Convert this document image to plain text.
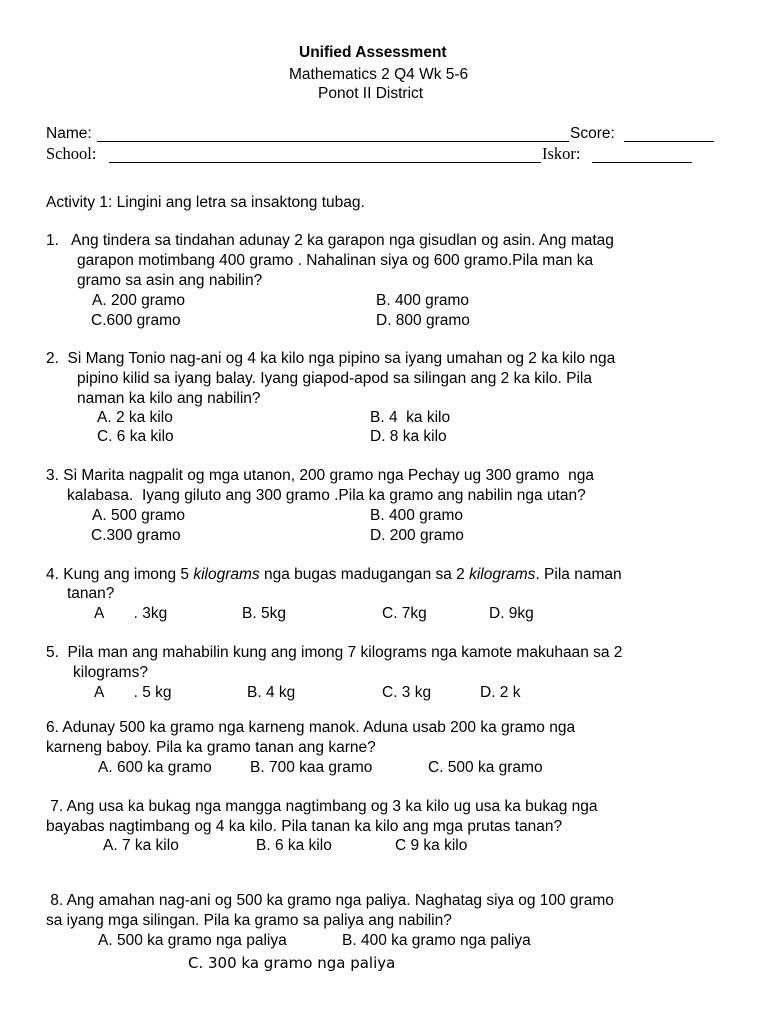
Unified Assessment
Mathematics 2 Q4 Wk 5-6
Ponot II District
Name:	Score:
School:	Iskor:
Activity 1: Lingini ang letra sa insaktong tubag.
1.   Ang tindera sa tindahan adunay 2 ka garapon nga gisudlan og asin. Ang matag
garapon motimbang 400 gramo . Nahalinan siya og 600 gramo.Pila man ka
gramo sa asin ang nabilin?
A. 200 gramo	B. 400 gramo
C.600 gramo	D. 800 gramo
2.  Si Mang Tonio nag-ani og 4 ka kilo nga pipino sa iyang umahan og 2 ka kilo nga
pipino kilid sa iyang balay. Iyang giapod-apod sa silingan ang 2 ka kilo. Pila
naman ka kilo ang nabilin?
A. 2 ka kilo	B. 4  ka kilo
C. 6 ka kilo	D. 8 ka kilo
3. Si Marita nagpalit og mga utanon, 200 gramo nga Pechay ug 300 gramo  nga
kalabasa.  Iyang giluto ang 300 gramo .Pila ka gramo ang nabilin nga utan?
A. 500 gramo	B. 400 gramo
C.300 gramo	D. 200 gramo
4. Kung ang imong 5 kilograms nga bugas madugangan sa 2 kilograms. Pila naman
tanan?
A       . 3kg	B. 5kg	C. 7kg	D. 9kg
5.  Pila man ang mahabilin kung ang imong 7 kilograms nga kamote makuhaan sa 2
kilograms?
A       . 5 kg	B. 4 kg	C. 3 kg	D. 2 k
6. Adunay 500 ka gramo nga karneng manok. Aduna usab 200 ka gramo nga
karneng baboy. Pila ka gramo tanan ang karne?
A. 600 ka gramo B. 700 kaa gramo	C. 500 ka gramo
7. Ang usa ka bukag nga mangga nagtimbang og 3 ka kilo ug usa ka bukag nga
bayabas nagtimbang og 4 ka kilo. Pila tanan ka kilo ang mga prutas tanan?
A. 7 ka kilo	B. 6 ka kilo	C 9 ka kilo
8. Ang amahan nag-ani og 500 ka gramo nga paliya. Naghatag siya og 100 gramo
sa iyang mga silingan. Pila ka gramo sa paliya ang nabilin?
A. 500 ka gramo nga paliya	B. 400 ka gramo nga paliya
C. 300 ka gramo nga paliya
